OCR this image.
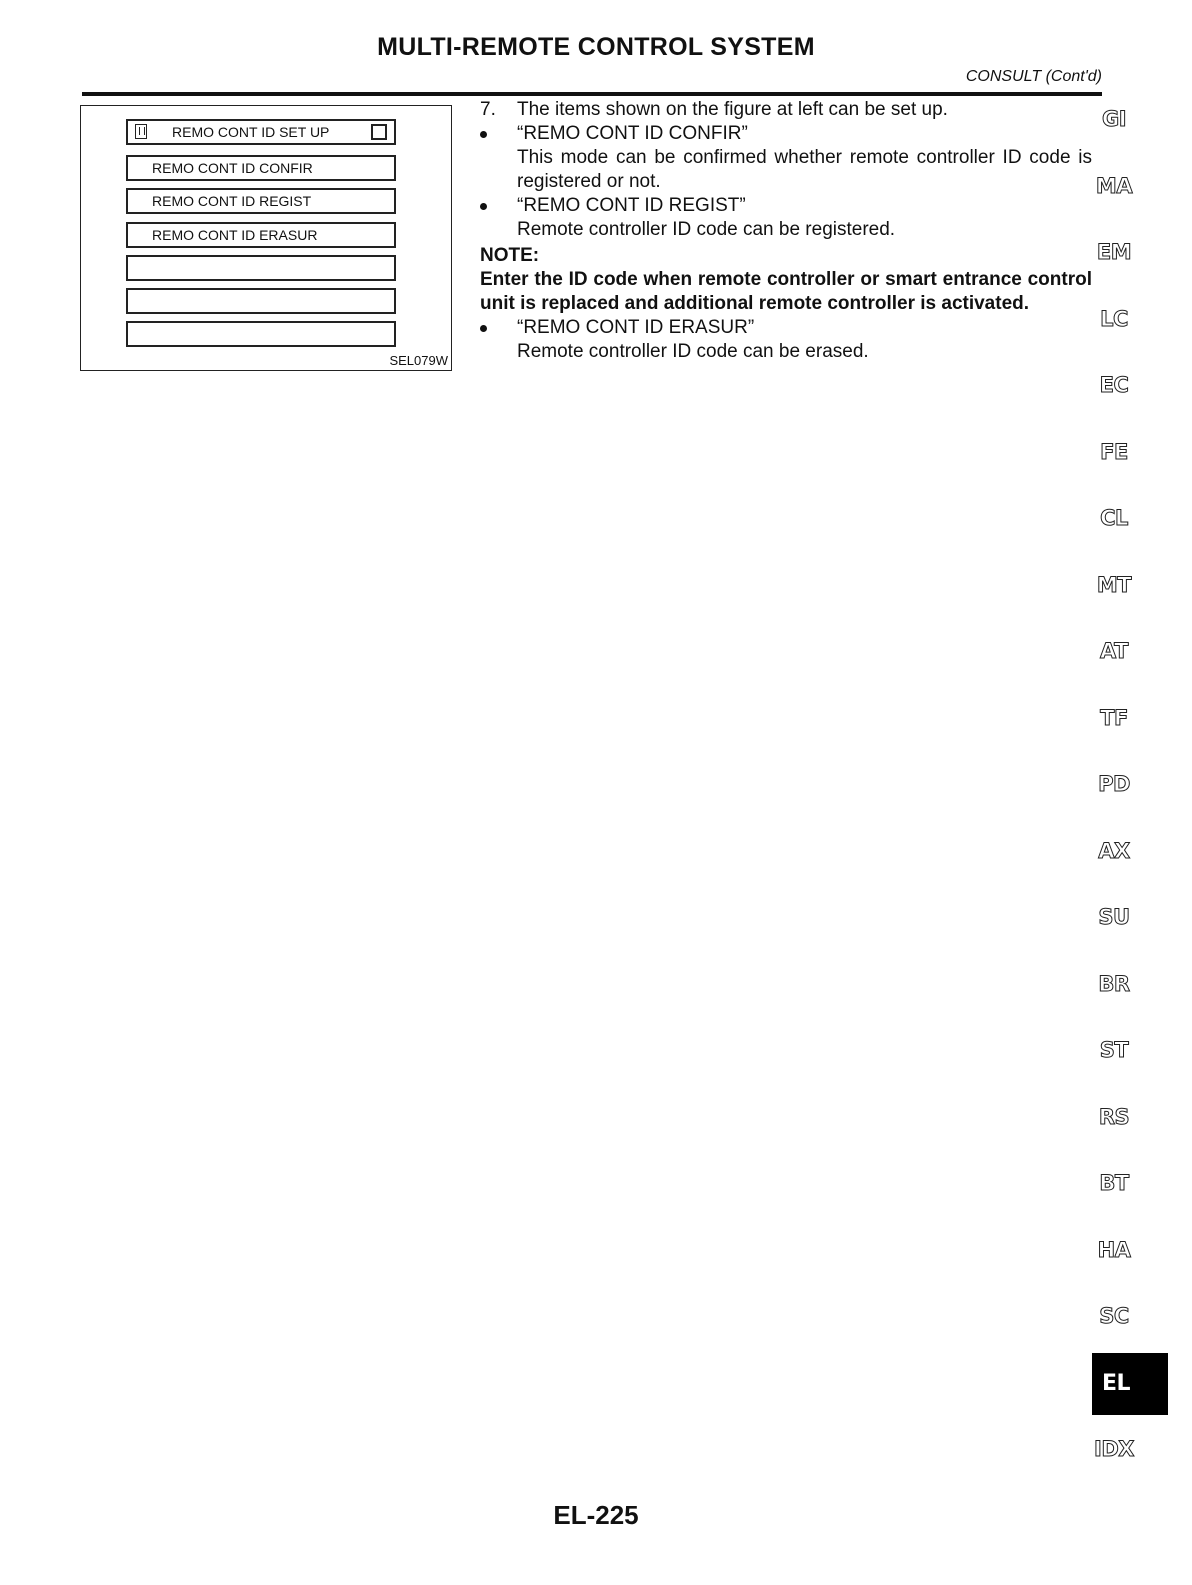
MULTI-REMOTE CONTROL SYSTEM
CONSULT (Cont'd)
REMO CONT ID SET UP
REMO CONT ID CONFIR
REMO CONT ID REGIST
REMO CONT ID ERASUR
SEL079W
7. The items shown on the figure at left can be set up.

“REMO CONT ID CONFIR”

This mode can be confirmed whether remote controller ID code is registered or not.

“REMO CONT ID REGIST”

Remote controller ID code can be registered.

NOTE:

Enter the ID code when remote controller or smart entrance control unit is replaced and additional remote controller is activated.

“REMO CONT ID ERASUR”

Remote controller ID code can be erased.

GI
MA
EM
LC
EC
FE
CL
MT
AT
TF
PD
AX
SU
BR
ST
RS
BT
HA
SC
EL
IDX
EL-225
